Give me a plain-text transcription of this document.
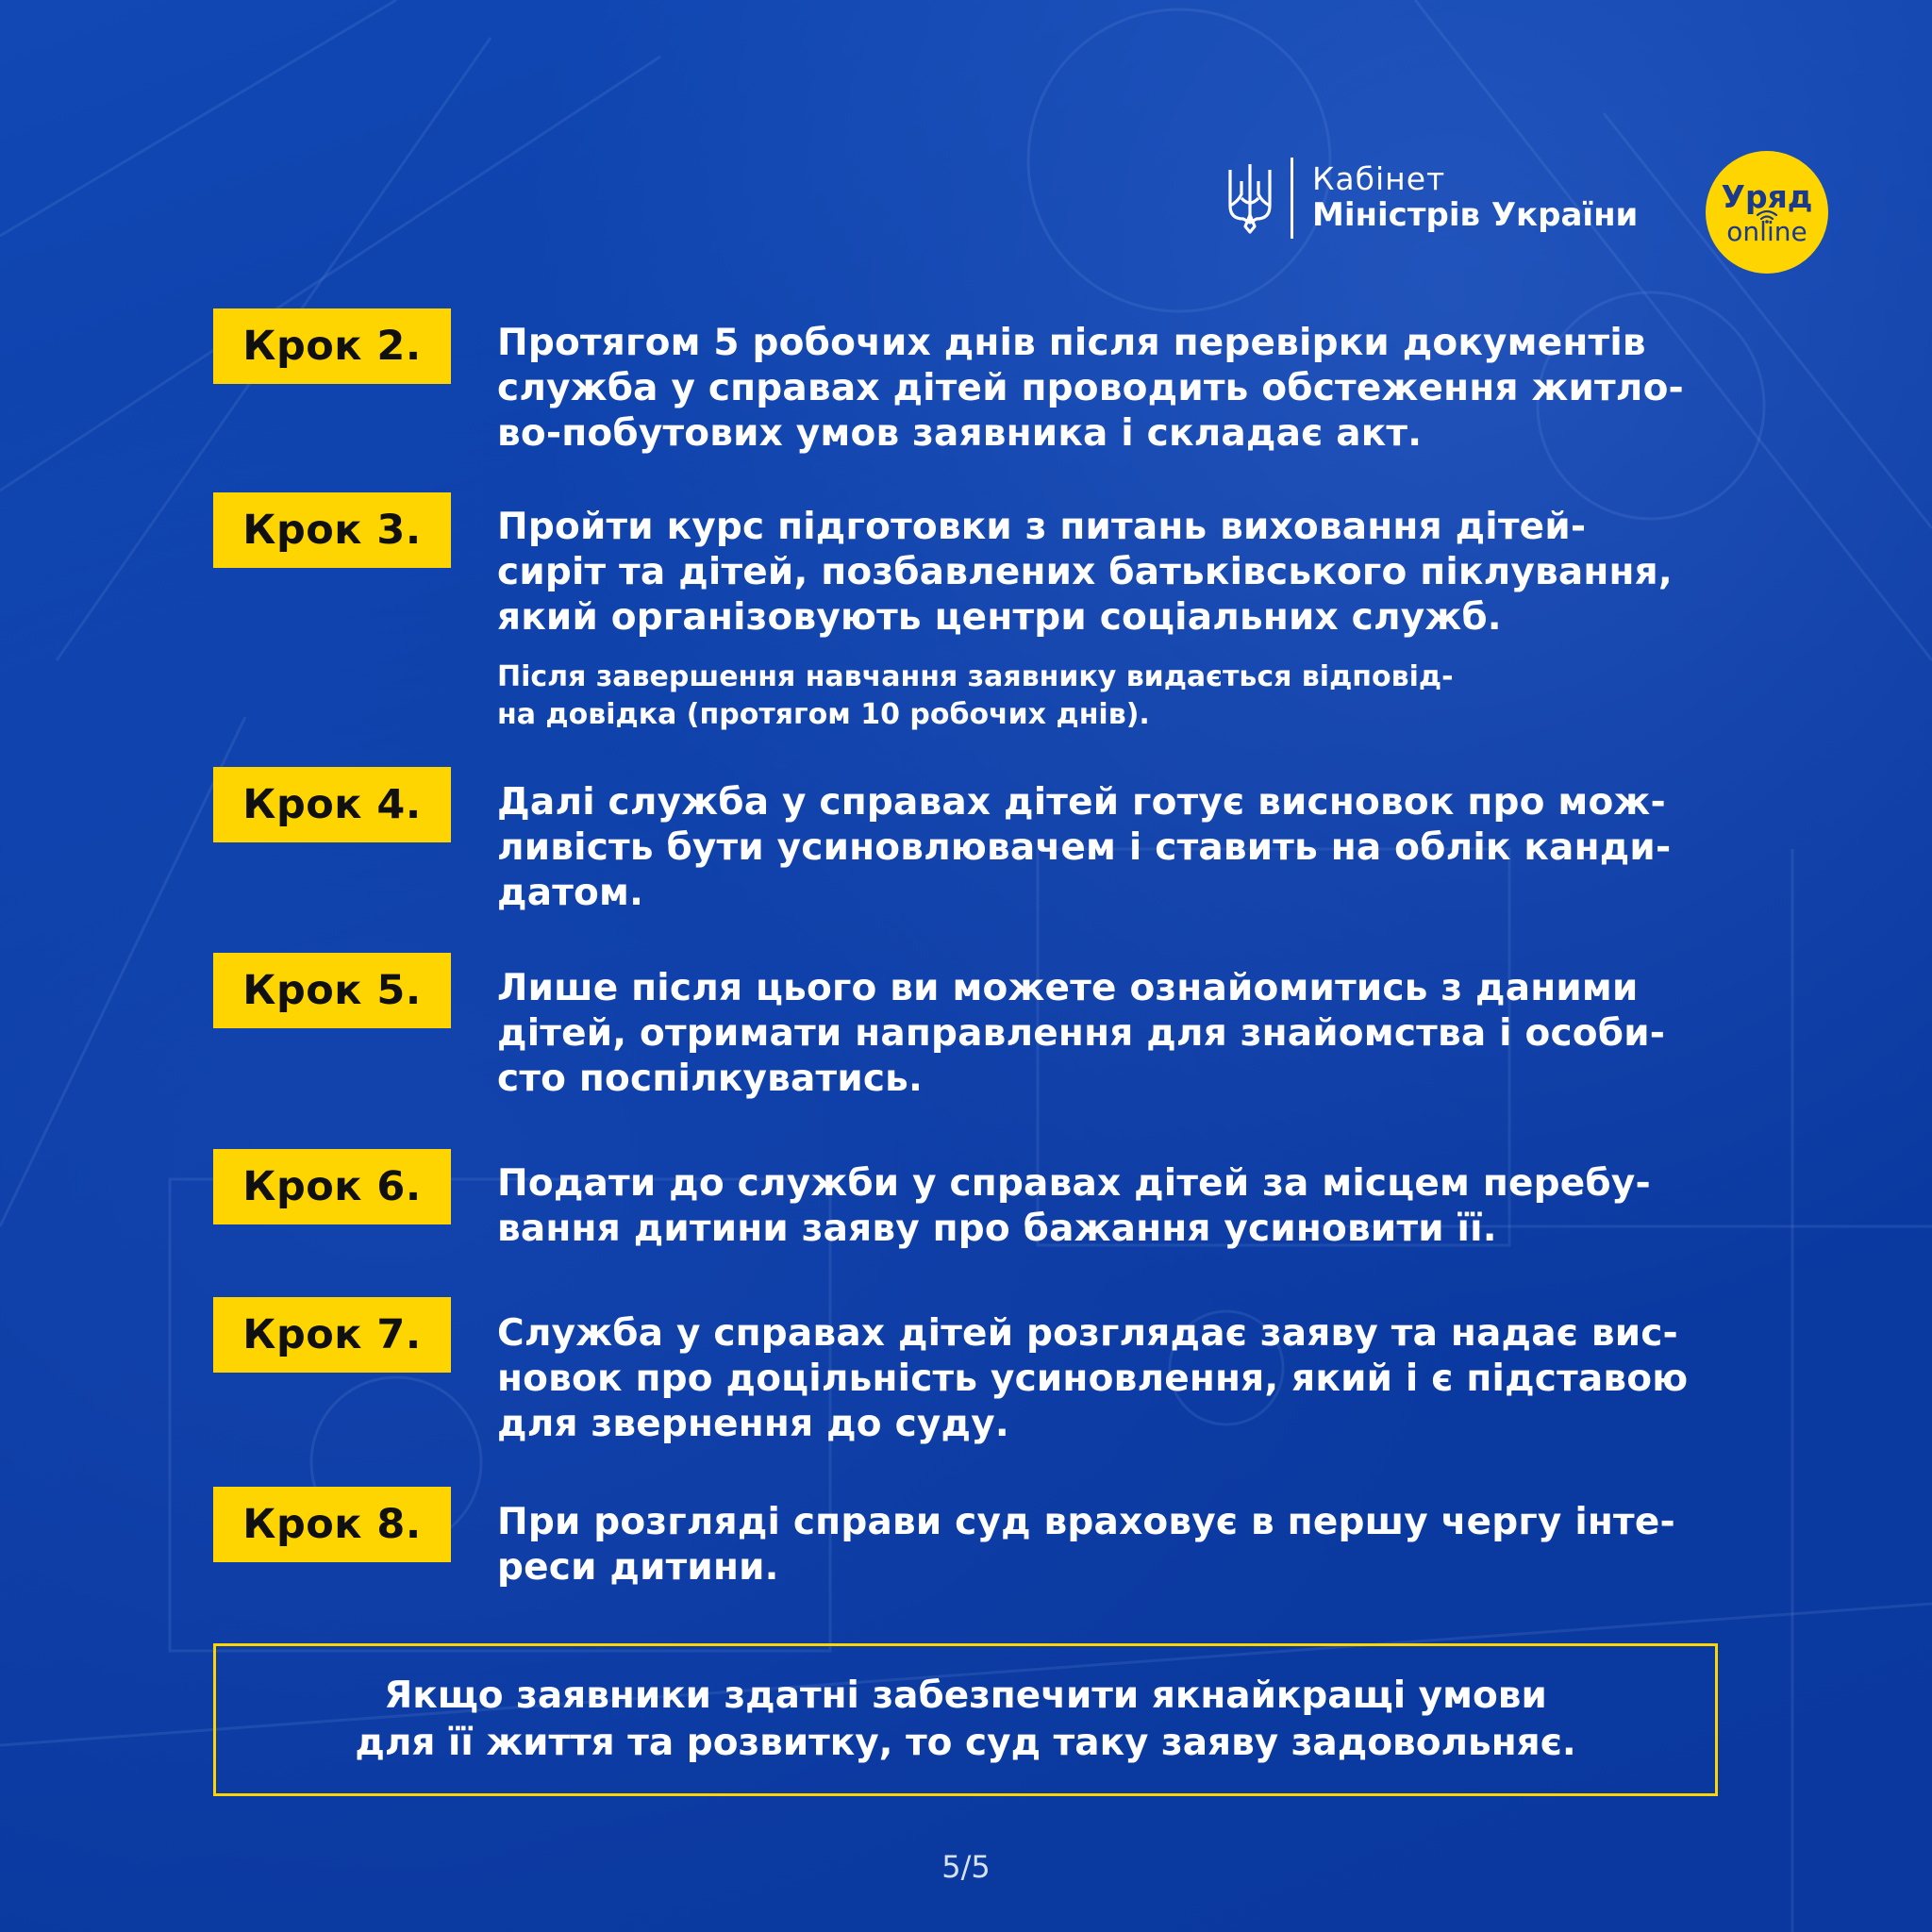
Кабінет
Міністрів України	Уряд
online
Крок 2.	Протягом 5 робочих днів після перевірки документів
служба у справах дітей проводить обстеження житло-
во-побутових умов заявника і складає акт.
Крок 3.	Пройти курс підготовки з питань виховання дітей-
сиріт та дітей, позбавлених батьківського піклування,
який організовують центри соціальних служб.
Після завершення навчання заявнику видається відповід-
на довідка (протягом 10 робочих днів).
Крок 4.	Далі служба у справах дітей готує висновок про мож-
ливість бути усиновлювачем і ставить на облік канди-
датом.
Крок 5.	Лише після цього ви можете ознайомитись з даними
дітей, отримати направлення для знайомства і особи-
сто поспілкуватись.
Крок 6.	Подати до служби у справах дітей за місцем перебу-
вання дитини заяву про бажання усиновити її.
Крок 7.	Служба у справах дітей розглядає заяву та надає вис-
новок про доцільність усиновлення, який і є підставою
для звернення до суду.
Крок 8.	При розгляді справи суд враховує в першу чергу інте-
реси дитини.
Якщо заявники здатні забезпечити якнайкращі умови
для її життя та розвитку, то суд таку заяву задовольняє.
5/5
